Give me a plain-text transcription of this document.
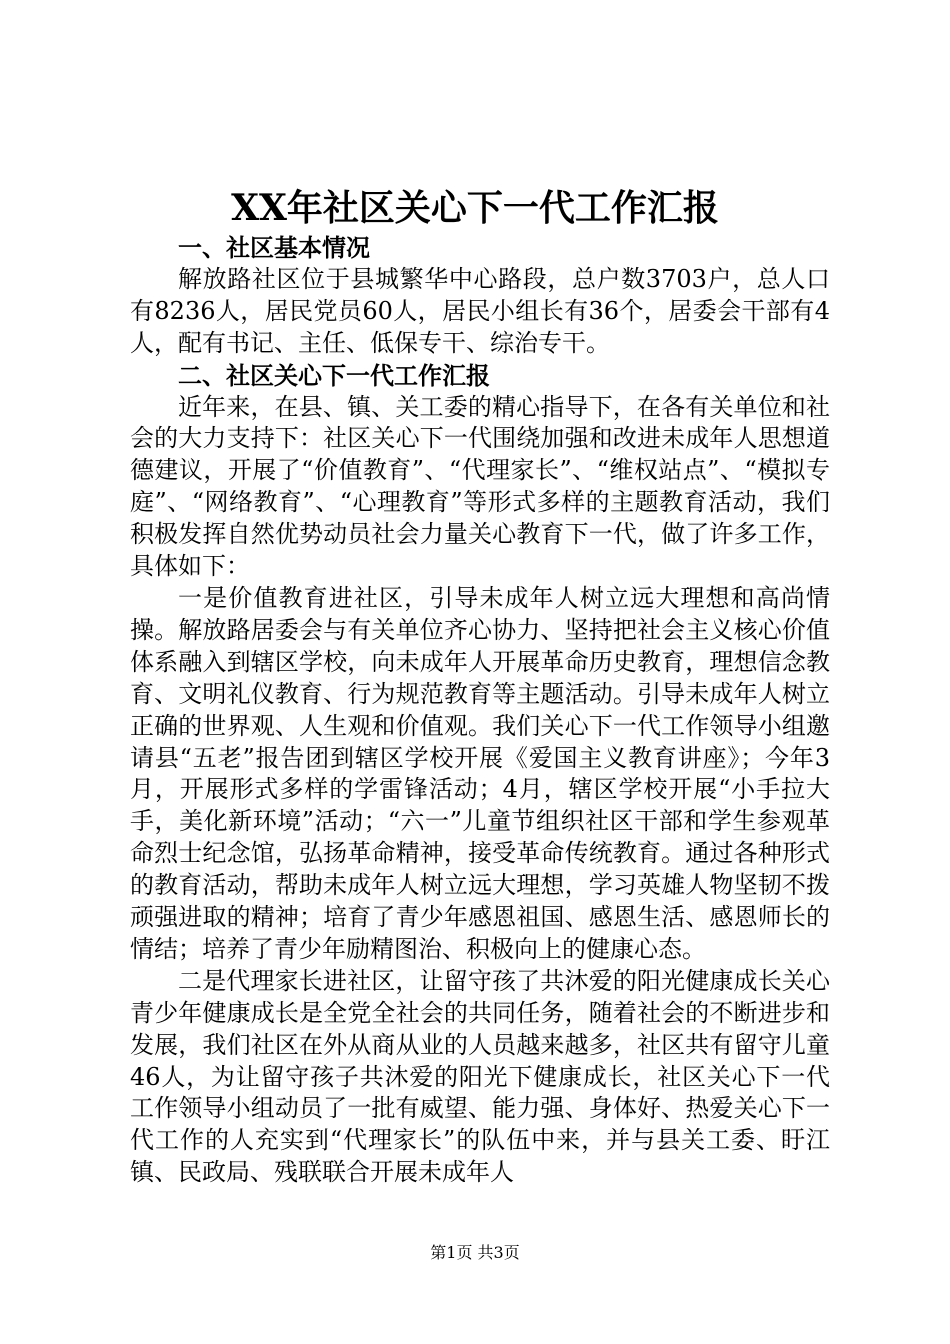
XX年社区关心下一代工作汇报

一、社区基本情况

解放路社区位于县城繁华中心路段，总户数3703户，总人口有8236人，居民党员60人，居民小组长有36个，居委会干部有4人，配有书记、主任、低保专干、综治专干。

二、社区关心下一代工作汇报

近年来，在县、镇、关工委的精心指导下，在各有关单位和社会的大力支持下：社区关心下一代围绕加强和改进未成年人思想道德建议，开展了“价值教育”、“代理家长”、“维权站点”、“模拟专庭”、“网络教育”、“心理教育”等形式多样的主题教育活动，我们积极发挥自然优势动员社会力量关心教育下一代，做了许多工作，具体如下：

一是价值教育进社区，引导未成年人树立远大理想和高尚情操。解放路居委会与有关单位齐心协力、坚持把社会主义核心价值体系融入到辖区学校，向未成年人开展革命历史教育，理想信念教育、文明礼仪教育、行为规范教育等主题活动。引导未成年人树立正确的世界观、人生观和价值观。我们关心下一代工作领导小组邀请县“五老”报告团到辖区学校开展《爱国主义教育讲座》；今年3月，开展形式多样的学雷锋活动；4月，辖区学校开展“小手拉大手，美化新环境”活动；“六一”儿童节组织社区干部和学生参观革命烈士纪念馆，弘扬革命精神，接受革命传统教育。通过各种形式的教育活动，帮助未成年人树立远大理想，学习英雄人物坚韧不拨顽强进取的精神；培育了青少年感恩祖国、感恩生活、感恩师长的情结；培养了青少年励精图治、积极向上的健康心态。

二是代理家长进社区，让留守孩了共沐爱的阳光健康成长关心青少年健康成长是全党全社会的共同任务，随着社会的不断进步和发展，我们社区在外从商从业的人员越来越多，社区共有留守儿童46人，为让留守孩子共沐爱的阳光下健康成长，社区关心下一代工作领导小组动员了一批有威望、能力强、身体好、热爱关心下一代工作的人充实到“代理家长”的队伍中来，并与县关工委、盱江镇、民政局、残联联合开展未成年人

第1页 共3页
